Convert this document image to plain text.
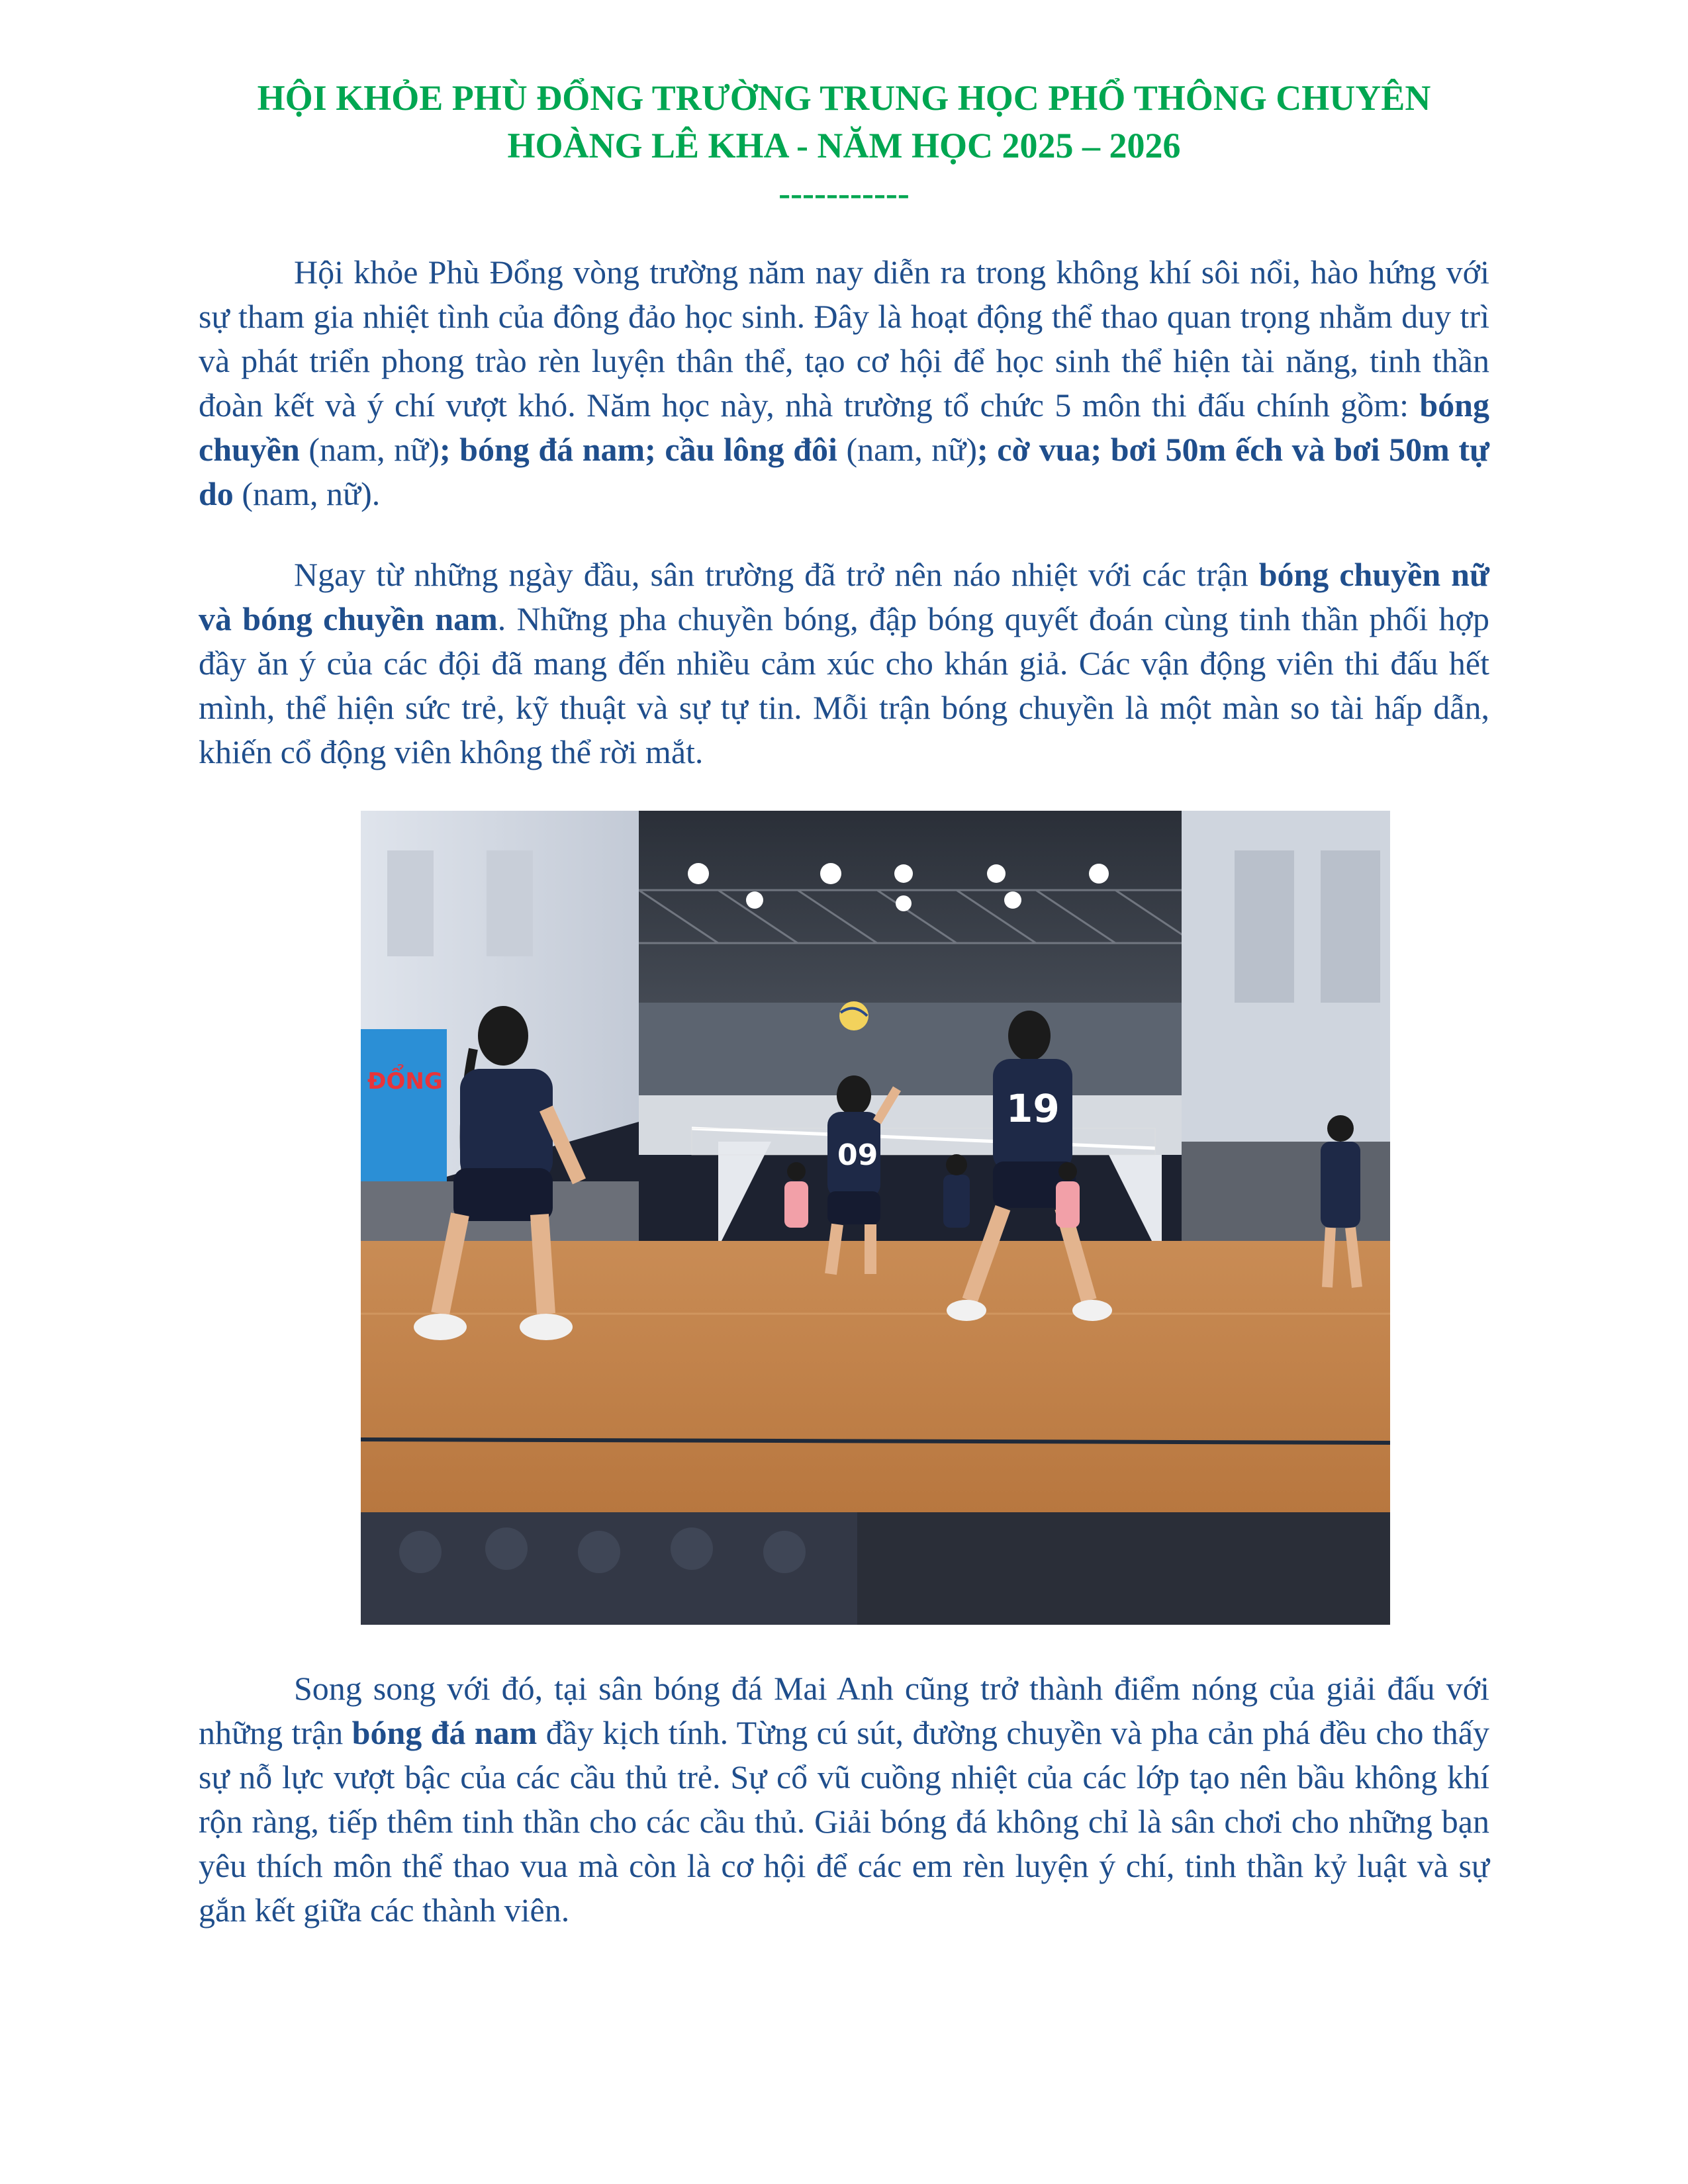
HỘI KHỎE PHÙ ĐỔNG TRƯỜNG TRUNG HỌC PHỔ THÔNG CHUYÊN
HOÀNG LÊ KHA - NĂM HỌC 2025 – 2026
-----------

Hội khỏe Phù Đổng vòng trường năm nay diễn ra trong không khí sôi nổi, hào hứng với sự tham gia nhiệt tình của đông đảo học sinh. Đây là hoạt động thể thao quan trọng nhằm duy trì và phát triển phong trào rèn luyện thân thể, tạo cơ hội để học sinh thể hiện tài năng, tinh thần đoàn kết và ý chí vượt khó. Năm học này, nhà trường tổ chức 5 môn thi đấu chính gồm: bóng chuyền (nam, nữ); bóng đá nam; cầu lông đôi (nam, nữ); cờ vua; bơi 50m ếch và bơi 50m tự do (nam, nữ).

Ngay từ những ngày đầu, sân trường đã trở nên náo nhiệt với các trận bóng chuyền nữ và bóng chuyền nam. Những pha chuyền bóng, đập bóng quyết đoán cùng tinh thần phối hợp đầy ăn ý của các đội đã mang đến nhiều cảm xúc cho khán giả. Các vận động viên thi đấu hết mình, thể hiện sức trẻ, kỹ thuật và sự tự tin. Mỗi trận bóng chuyền là một màn so tài hấp dẫn, khiến cổ động viên không thể rời mắt.

ĐỔNG
09
19

Song song với đó, tại sân bóng đá Mai Anh cũng trở thành điểm nóng của giải đấu với những trận bóng đá nam đầy kịch tính. Từng cú sút, đường chuyền và pha cản phá đều cho thấy sự nỗ lực vượt bậc của các cầu thủ trẻ. Sự cổ vũ cuồng nhiệt của các lớp tạo nên bầu không khí rộn ràng, tiếp thêm tinh thần cho các cầu thủ. Giải bóng đá không chỉ là sân chơi cho những bạn yêu thích môn thể thao vua mà còn là cơ hội để các em rèn luyện ý chí, tinh thần kỷ luật và sự gắn kết giữa các thành viên.
